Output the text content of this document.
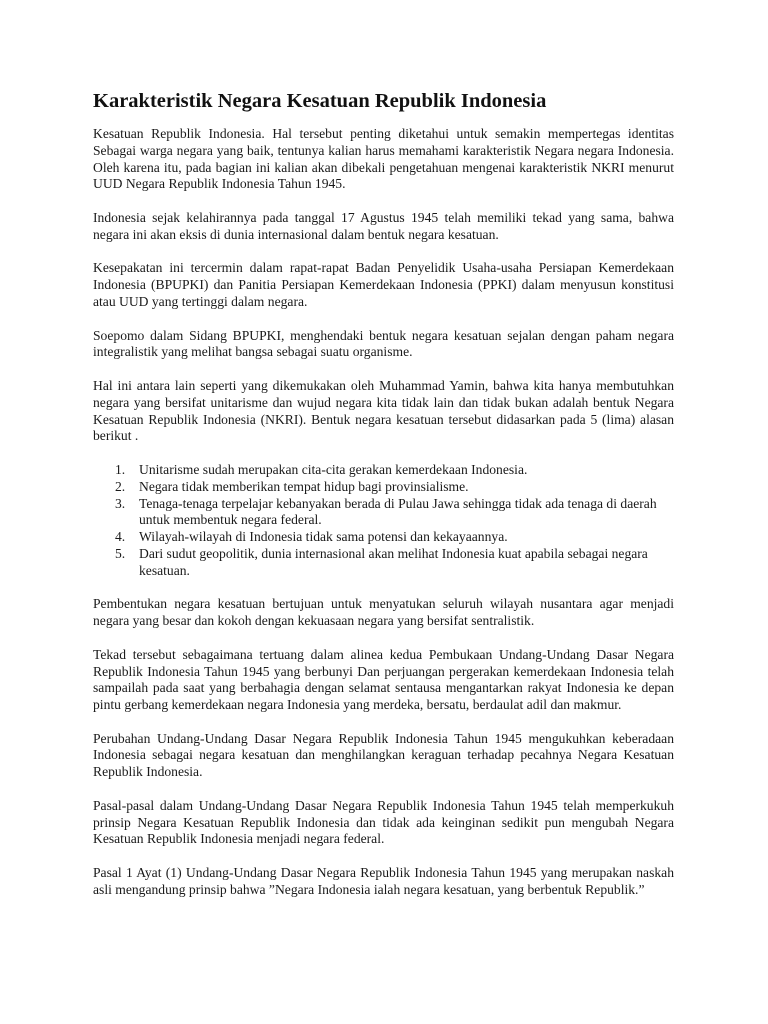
Karakteristik Negara Kesatuan Republik Indonesia

Kesatuan Republik Indonesia. Hal tersebut penting diketahui untuk semakin mempertegas identitas Sebagai warga negara yang baik, tentunya kalian harus memahami karakteristik Negara negara Indonesia. Oleh karena itu, pada bagian ini kalian akan dibekali pengetahuan mengenai karakteristik NKRI menurut UUD Negara Republik Indonesia Tahun 1945.

Indonesia sejak kelahirannya pada tanggal 17 Agustus 1945 telah memiliki tekad yang sama, bahwa negara ini akan eksis di dunia internasional dalam bentuk negara kesatuan.

Kesepakatan ini tercermin dalam rapat-rapat Badan Penyelidik Usaha-usaha Persiapan Kemerdekaan Indonesia (BPUPKI) dan Panitia Persiapan Kemerdekaan Indonesia (PPKI) dalam menyusun konstitusi atau UUD yang tertinggi dalam negara.

Soepomo dalam Sidang BPUPKI, menghendaki bentuk negara kesatuan sejalan dengan paham negara integralistik yang melihat bangsa sebagai suatu organisme.

Hal ini antara lain seperti yang dikemukakan oleh Muhammad Yamin, bahwa kita hanya membutuhkan negara yang bersifat unitarisme dan wujud negara kita tidak lain dan tidak bukan adalah bentuk Negara Kesatuan Republik Indonesia (NKRI). Bentuk negara kesatuan tersebut didasarkan pada 5 (lima) alasan berikut .

1. Unitarisme sudah merupakan cita-cita gerakan kemerdekaan Indonesia.
2. Negara tidak memberikan tempat hidup bagi provinsialisme.
3. Tenaga-tenaga terpelajar kebanyakan berada di Pulau Jawa sehingga tidak ada tenaga di daerah untuk membentuk negara federal.
4. Wilayah-wilayah di Indonesia tidak sama potensi dan kekayaannya.
5. Dari sudut geopolitik, dunia internasional akan melihat Indonesia kuat apabila sebagai negara kesatuan.

Pembentukan negara kesatuan bertujuan untuk menyatukan seluruh wilayah nusantara agar menjadi negara yang besar dan kokoh dengan kekuasaan negara yang bersifat sentralistik.

Tekad tersebut sebagaimana tertuang dalam alinea kedua Pembukaan Undang-Undang Dasar Negara Republik Indonesia Tahun 1945 yang berbunyi Dan perjuangan pergerakan kemerdekaan Indonesia telah sampailah pada saat yang berbahagia dengan selamat sentausa mengantarkan rakyat Indonesia ke depan pintu gerbang kemerdekaan negara Indonesia yang merdeka, bersatu, berdaulat adil dan makmur.

Perubahan Undang-Undang Dasar Negara Republik Indonesia Tahun 1945 mengukuhkan keberadaan Indonesia sebagai negara kesatuan dan menghilangkan keraguan terhadap pecahnya Negara Kesatuan Republik Indonesia.

Pasal-pasal dalam Undang-Undang Dasar Negara Republik Indonesia Tahun 1945 telah memperkukuh prinsip Negara Kesatuan Republik Indonesia dan tidak ada keinginan sedikit pun mengubah Negara Kesatuan Republik Indonesia menjadi negara federal.

Pasal 1 Ayat (1) Undang-Undang Dasar Negara Republik Indonesia Tahun 1945 yang merupakan naskah asli mengandung prinsip bahwa ”Negara Indonesia ialah negara kesatuan, yang berbentuk Republik.”
